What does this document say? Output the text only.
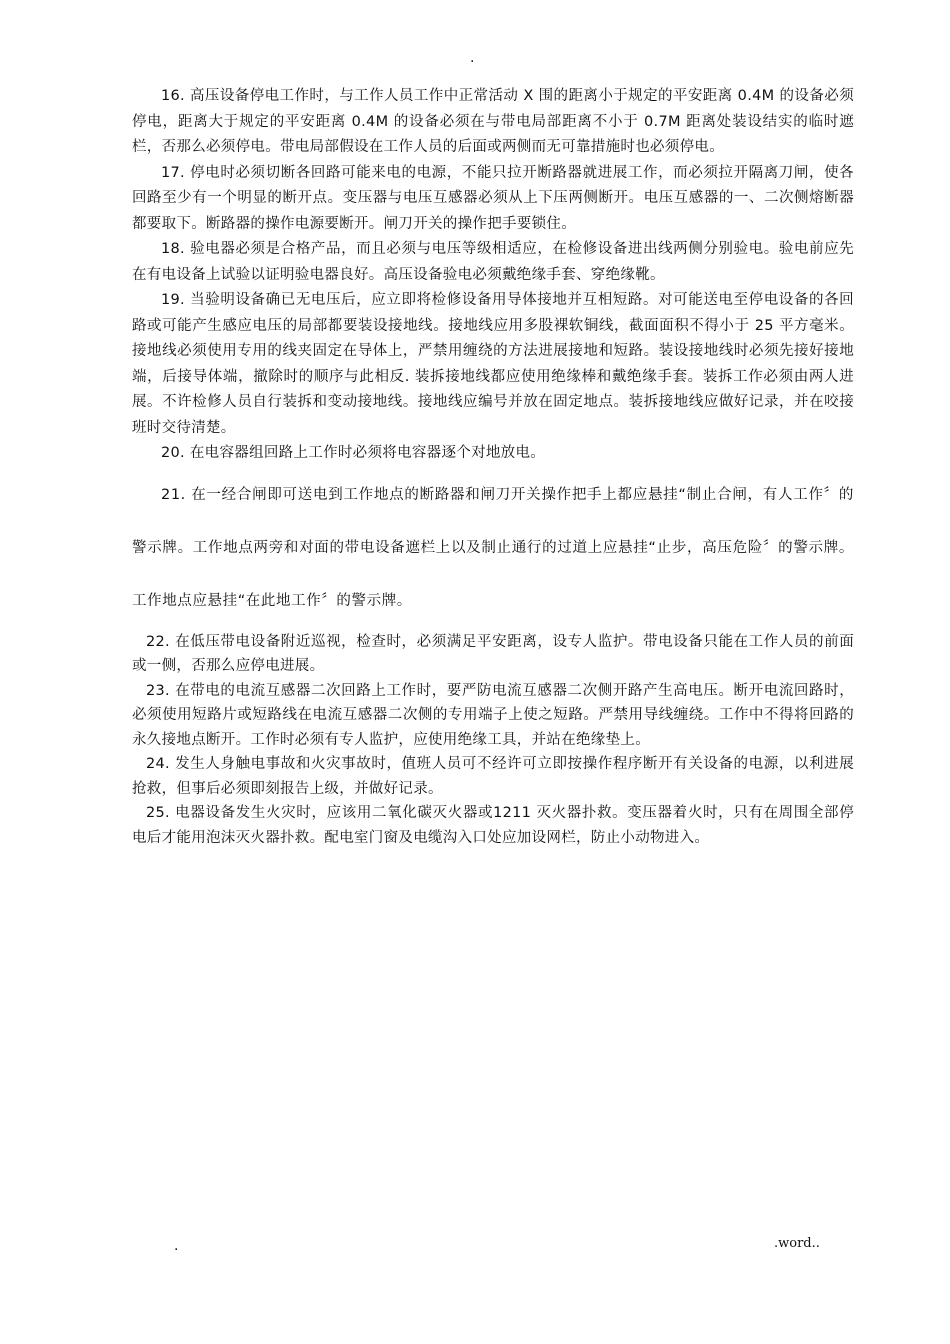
.

16. 高压设备停电工作时，与工作人员工作中正常活动 X 围的距离小于规定的平安距离 0.4M 的设备必须停电，距离大于规定的平安距离 0.4M 的设备必须在与带电局部距离不小于 0.7M 距离处装设结实的临时遮栏，否那么必须停电。带电局部假设在工作人员的后面或两侧而无可靠措施时也必须停电。

17. 停电时必须切断各回路可能来电的电源，不能只拉开断路器就进展工作，而必须拉开隔离刀闸，使各回路至少有一个明显的断开点。变压器与电压互感器必须从上下压两侧断开。电压互感器的一、二次侧熔断器都要取下。断路器的操作电源要断开。闸刀开关的操作把手要锁住。

18. 验电器必须是合格产品，而且必须与电压等级相适应，在检修设备进出线两侧分别验电。验电前应先在有电设备上试验以证明验电器良好。高压设备验电必须戴绝缘手套、穿绝缘靴。

19. 当验明设备确已无电压后，应立即将检修设备用导体接地并互相短路。对可能送电至停电设备的各回路或可能产生感应电压的局部都要装设接地线。接地线应用多股裸软铜线，截面面积不得小于 25 平方毫米。接地线必须使用专用的线夹固定在导体上，严禁用缠绕的方法进展接地和短路。装设接地线时必须先接好接地端，后接导体端，撤除时的顺序与此相反. 装拆接地线都应使用绝缘棒和戴绝缘手套。装拆工作必须由两人进展。不许检修人员自行装拆和变动接地线。接地线应编号并放在固定地点。装拆接地线应做好记录，并在咬接班时交待清楚。

20. 在电容器组回路上工作时必须将电容器逐个对地放电。

21. 在一经合闸即可送电到工作地点的断路器和闸刀开关操作把手上都应悬挂“制止合闸，有人工作〞的警示牌。工作地点两旁和对面的带电设备遮栏上以及制止通行的过道上应悬挂“止步，高压危险〞的警示牌。工作地点应悬挂“在此地工作〞的警示牌。

22. 在低压带电设备附近巡视，检查时，必须满足平安距离，设专人监护。带电设备只能在工作人员的前面或一侧，否那么应停电进展。

23. 在带电的电流互感器二次回路上工作时，要严防电流互感器二次侧开路产生高电压。断开电流回路时，必须使用短路片或短路线在电流互感器二次侧的专用端子上使之短路。严禁用导线缠绕。工作中不得将回路的永久接地点断开。工作时必须有专人监护，应使用绝缘工具，并站在绝缘垫上。

24. 发生人身触电事故和火灾事故时，值班人员可不经许可立即按操作程序断开有关设备的电源，以利进展抢救，但事后必须即刻报告上级，并做好记录。

25. 电器设备发生火灾时，应该用二氧化碳灭火器或1211 灭火器扑救。变压器着火时，只有在周围全部停电后才能用泡沫灭火器扑救。配电室门窗及电缆沟入口处应加设网栏，防止小动物进入。

.	.word..
